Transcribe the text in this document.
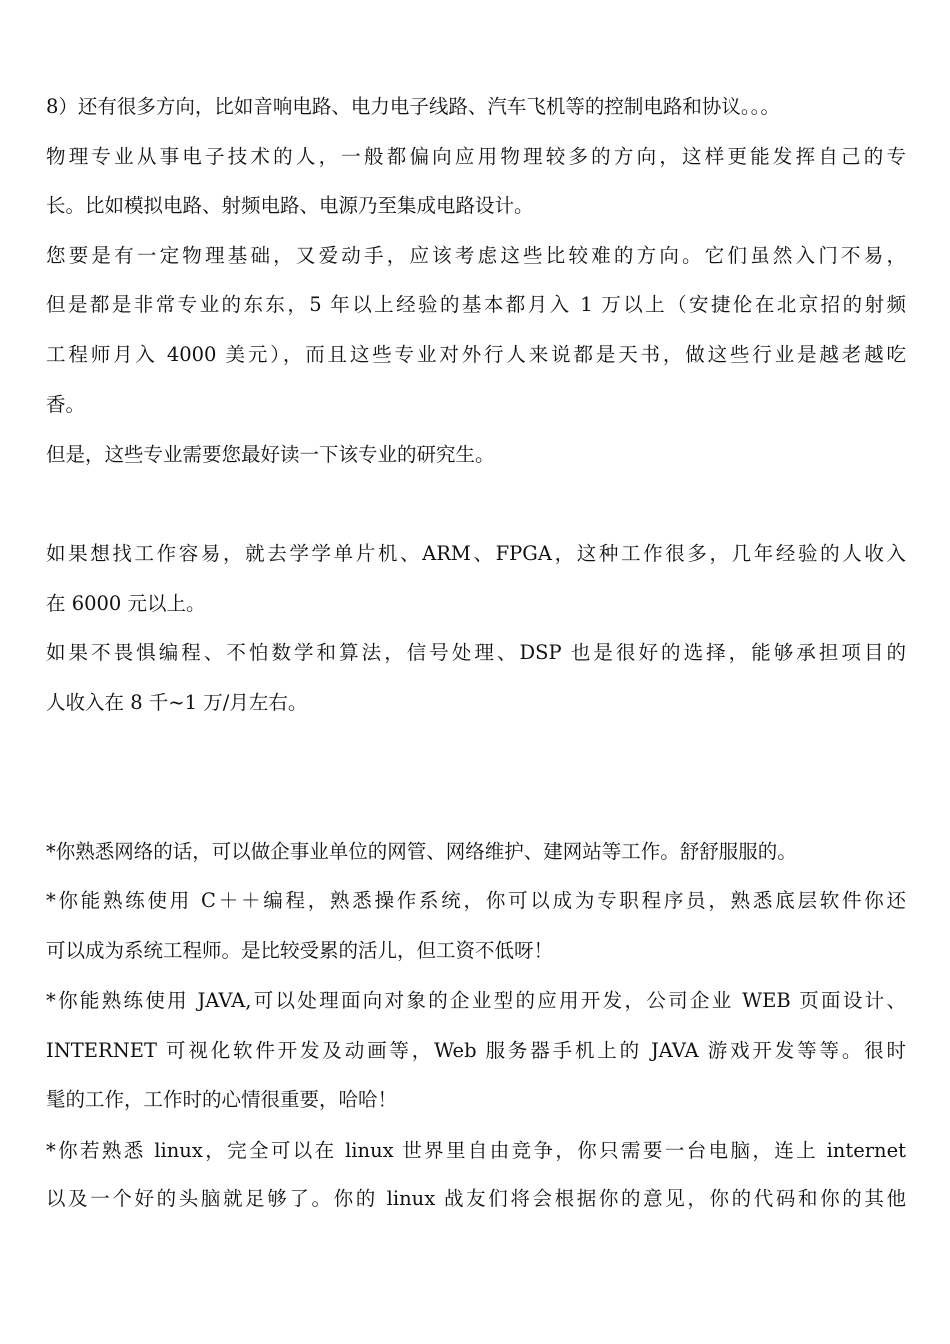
8）还有很多方向，比如音响电路、电力电子线路、汽车飞机等的控制电路和协议。。。
物理专业从事电子技术的人，一般都偏向应用物理较多的方向，这样更能发挥自己的专
长。比如模拟电路、射频电路、电源乃至集成电路设计。
您要是有一定物理基础，又爱动手，应该考虑这些比较难的方向。它们虽然入门不易，
但是都是非常专业的东东，5 年以上经验的基本都月入 1 万以上（安捷伦在北京招的射频
工程师月入 4000 美元），而且这些专业对外行人来说都是天书，做这些行业是越老越吃
香。
但是，这些专业需要您最好读一下该专业的研究生。
如果想找工作容易，就去学学单片机、ARM、FPGA，这种工作很多，几年经验的人收入
在 6000 元以上。
如果不畏惧编程、不怕数学和算法，信号处理、DSP 也是很好的选择，能够承担项目的
人收入在 8 千~1 万/月左右。
*你熟悉网络的话，可以做企事业单位的网管、网络维护、建网站等工作。舒舒服服的。
*你能熟练使用 C＋＋编程，熟悉操作系统，你可以成为专职程序员，熟悉底层软件你还
可以成为系统工程师。是比较受累的活儿，但工资不低呀！
*你能熟练使用 JAVA,可以处理面向对象的企业型的应用开发，公司企业 WEB 页面设计、
INTERNET 可视化软件开发及动画等，Web 服务器手机上的 JAVA 游戏开发等等。很时
髦的工作，工作时的心情很重要，哈哈！
*你若熟悉 linux，完全可以在 linux 世界里自由竞争，你只需要一台电脑，连上 internet
以及一个好的头脑就足够了。你的 linux 战友们将会根据你的意见，你的代码和你的其他
